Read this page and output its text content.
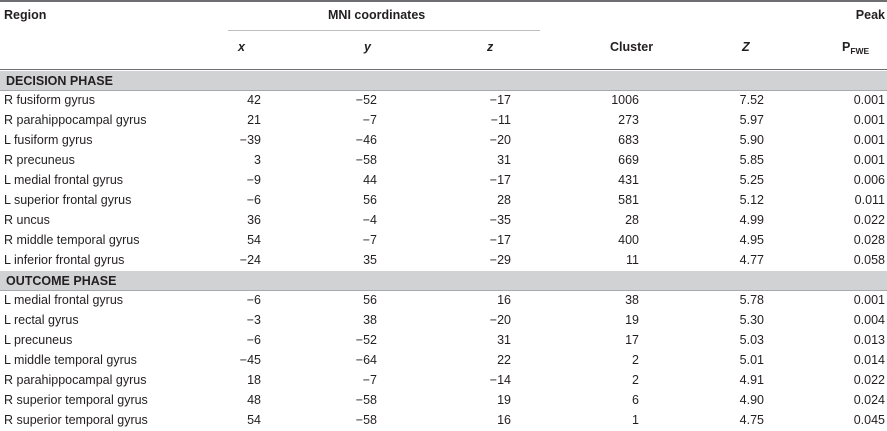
Region	MNI coordinates	Peak
x	y	z	Cluster	Z	$P_{FWE}$
DECISION PHASE
R fusiform gyrus	42	−52	−17	1006	7.52	0.001
R parahippocampal gyrus	21	−7	−11	273	5.97	0.001
L fusiform gyrus	−39	−46	−20	683	5.90	0.001
R precuneus	3	−58	31	669	5.85	0.001
L medial frontal gyrus	−9	44	−17	431	5.25	0.006
L superior frontal gyrus	−6	56	28	581	5.12	0.011
R uncus	36	−4	−35	28	4.99	0.022
R middle temporal gyrus	54	−7	−17	400	4.95	0.028
L inferior frontal gyrus	−24	35	−29	11	4.77	0.058
OUTCOME PHASE
L medial frontal gyrus	−6	56	16	38	5.78	0.001
L rectal gyrus	−3	38	−20	19	5.30	0.004
L precuneus	−6	−52	31	17	5.03	0.013
L middle temporal gyrus	−45	−64	22	2	5.01	0.014
R parahippocampal gyrus	18	−7	−14	2	4.91	0.022
R superior temporal gyrus	48	−58	19	6	4.90	0.024
R superior temporal gyrus	54	−58	16	1	4.75	0.045
